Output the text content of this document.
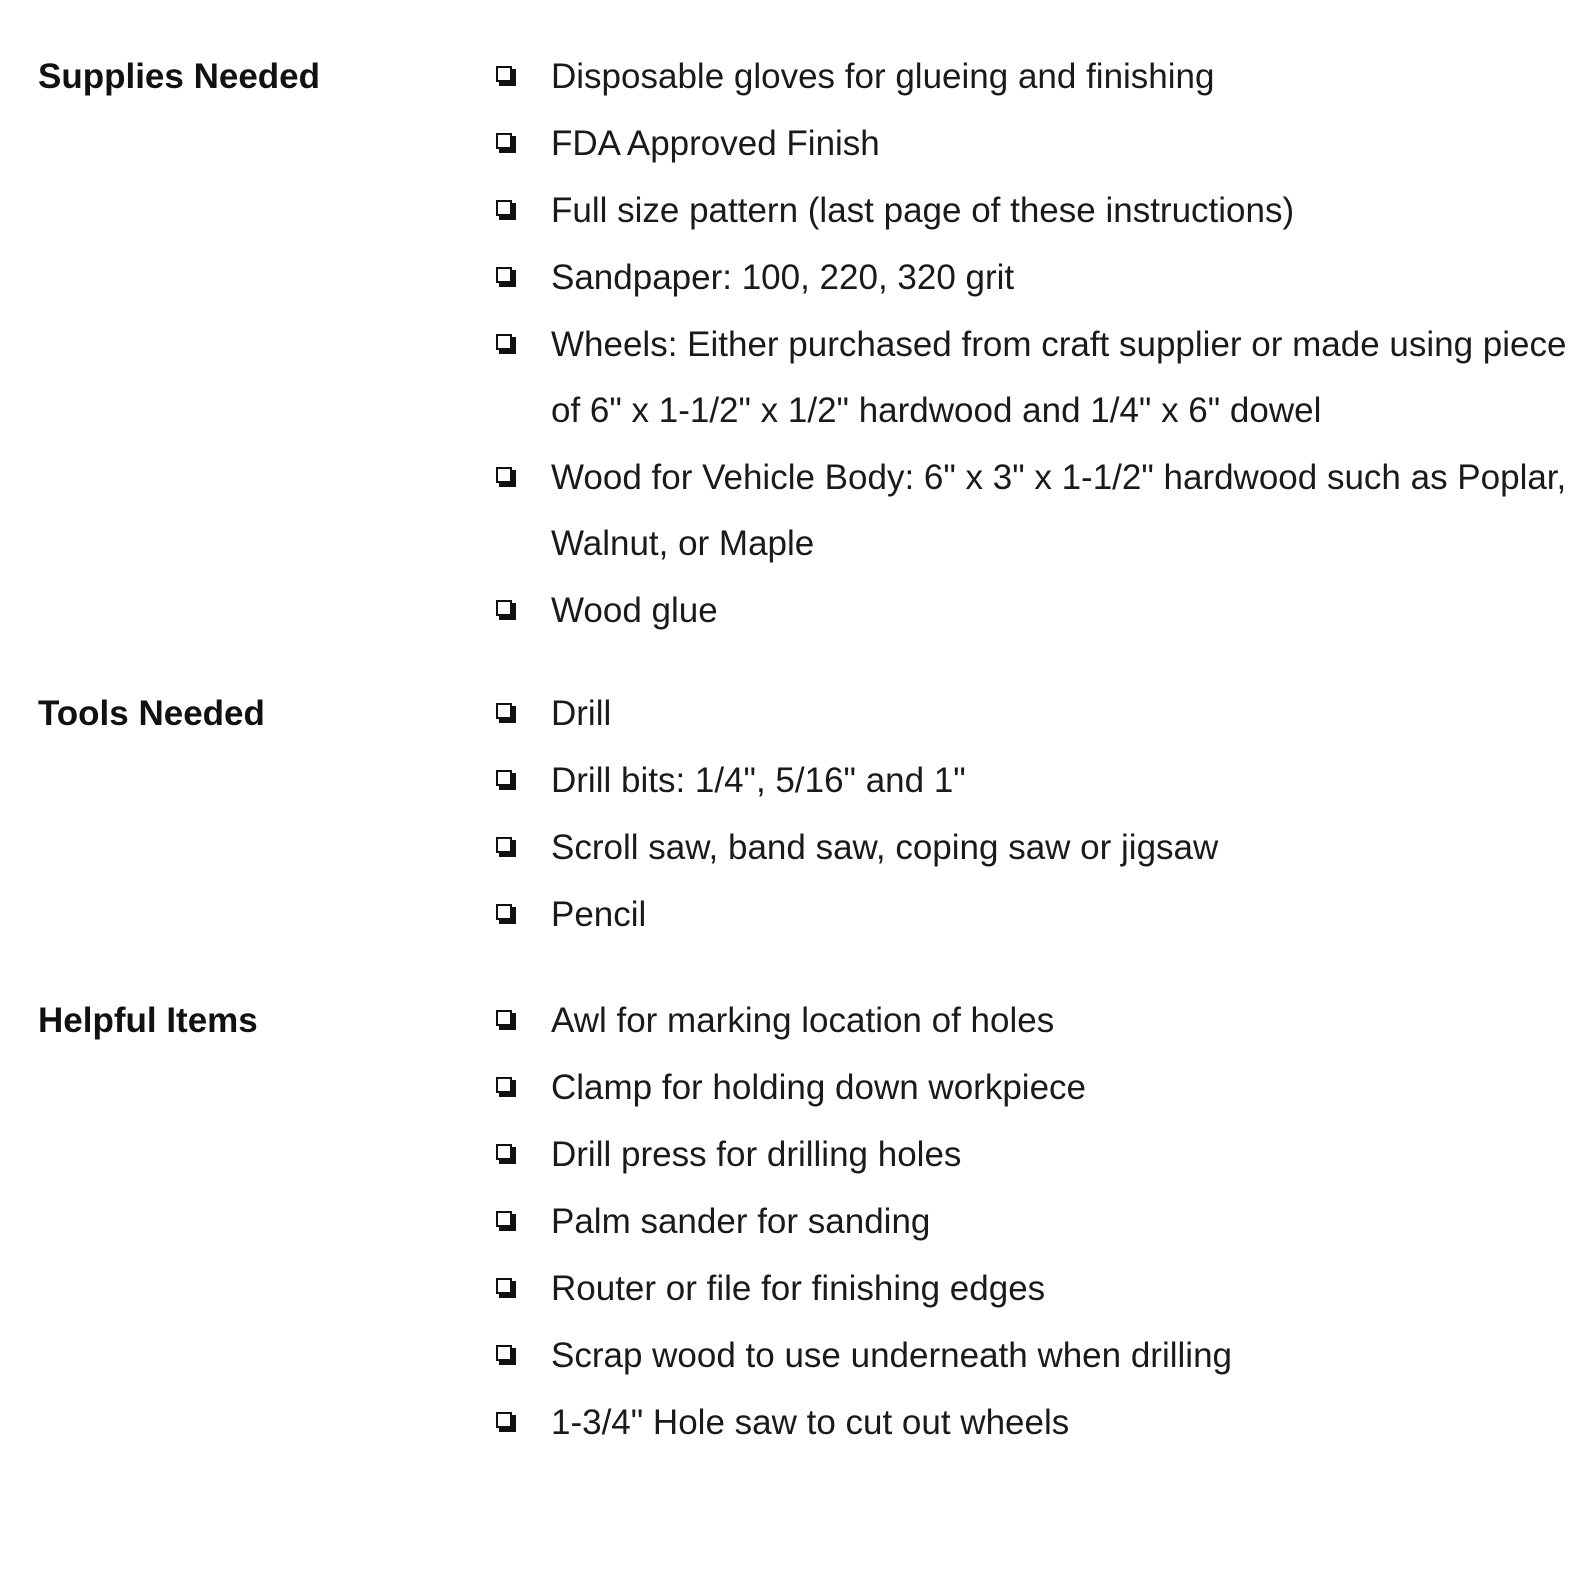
Supplies Needed	Disposable gloves for glueing and finishing
FDA Approved Finish
Full size pattern (last page of these instructions)
Sandpaper: 100, 220, 320 grit
Wheels: Either purchased from craft supplier or made using piece of 6" x 1-1/2" x 1/2" hardwood and 1/4" x 6" dowel
Wood for Vehicle Body: 6" x 3" x 1-1/2" hardwood such as Poplar, Walnut, or Maple
Wood glue
Tools Needed	Drill
Drill bits: 1/4", 5/16" and 1"
Scroll saw, band saw, coping saw or jigsaw
Pencil
Helpful Items	Awl for marking location of holes
Clamp for holding down workpiece
Drill press for drilling holes
Palm sander for sanding
Router or file for finishing edges
Scrap wood to use underneath when drilling
1-3/4" Hole saw to cut out wheels
